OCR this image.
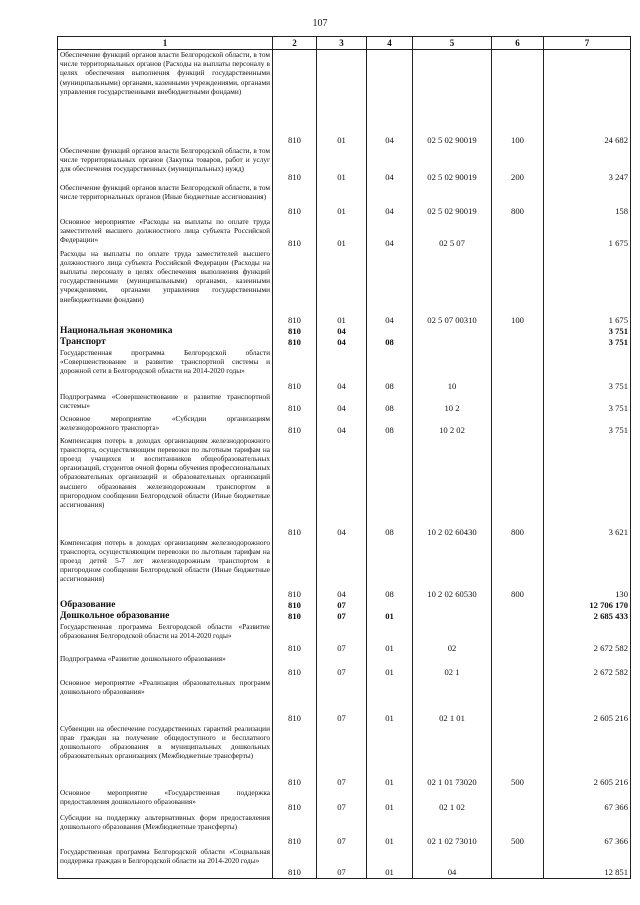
107
1	2	3	4	5	6	7
Обеспечение функций органов власти Белгородской области, в том числе территориальных органов (Расходы на выплаты персоналу в целях обеспечения выполнения функций государственными (муниципальными) органами, казенными учреждениями, органами управления государственными внебюджетными фондами)	810	01	04	02 5 02 90019	100	24 682
Обеспечение функций органов власти Белгородской области, в том числе территориальных органов (Закупка товаров, работ и услуг для обеспечения государственных (муниципальных) нужд)	810	01	04	02 5 02 90019	200	3 247
Обеспечение функций органов власти Белгородской области, в том числе территориальных органов (Иные бюджетные ассигнования)	810	01	04	02 5 02 90019	800	158
Основное мероприятие «Расходы на выплаты по оплате труда заместителей высшего должностного лица субъекта Российской Федерации»	810	01	04	02 5 07		1 675
Расходы на выплаты по оплате труда заместителей высшего должностного лица субъекта Российской Федерации (Расходы на выплаты персоналу в целях обеспечения выполнения функций государственными (муниципальными) органами, казенными учреждениями, органами управления государственными внебюджетными фондами)	810	01	04	02 5 07 00310	100	1 675
Национальная экономика	810	04				3 751
Транспорт	810	04	08			3 751
Государственная программа Белгородской области «Совершенствование и развитие транспортной системы и дорожной сети в Белгородской области на 2014-2020 годы»	810	04	08	10		3 751
Подпрограмма «Совершенствование и развитие транспортной системы»	810	04	08	10 2		3 751
Основное мероприятие «Субсидии организациям железнодорожного транспорта»	810	04	08	10 2 02		3 751
Компенсация потерь в доходах организациям железнодорожного транспорта, осуществляющим перевозки по льготным тарифам на проезд учащихся и воспитанников общеобразовательных организаций, студентов очной формы обучения профессиональных образовательных организаций и образовательных организаций высшего образования железнодорожным транспортом в пригородном сообщении Белгородской области (Иные бюджетные ассигнования)	810	04	08	10 2 02 60430	800	3 621
Компенсация потерь в доходах организациям железнодорожного транспорта, осуществляющим перевозки по льготным тарифам на проезд детей 5-7 лет железнодорожным транспортом в пригородном сообщении Белгородской области (Иные бюджетные ассигнования)	810	04	08	10 2 02 60530	800	130
Образование	810	07				12 706 170
Дошкольное образование	810	07	01			2 685 433
Государственная программа Белгородской области «Развитие образования Белгородской области на 2014-2020 годы»	810	07	01	02		2 672 582
Подпрограмма «Развитие дошкольного образования»	810	07	01	02 1		2 672 582
Основное мероприятие «Реализация образовательных программ дошкольного образования»	810	07	01	02 1 01		2 605 216
Субвенции на обеспечение государственных гарантий реализации прав граждан на получение общедоступного и бесплатного дошкольного образования в муниципальных дошкольных образовательных организациях (Межбюджетные трансферты)	810	07	01	02 1 01 73020	500	2 605 216
Основное мероприятие «Государственная поддержка предоставления дошкольного образования»	810	07	01	02 1 02		67 366
Субсидии на поддержку альтернативных форм предоставления дошкольного образования (Межбюджетные трансферты)	810	07	01	02 1 02 73010	500	67 366
Государственная программа Белгородской области «Социальная поддержка граждан в Белгородской области на 2014-2020 годы»	810	07	01	04		12 851
